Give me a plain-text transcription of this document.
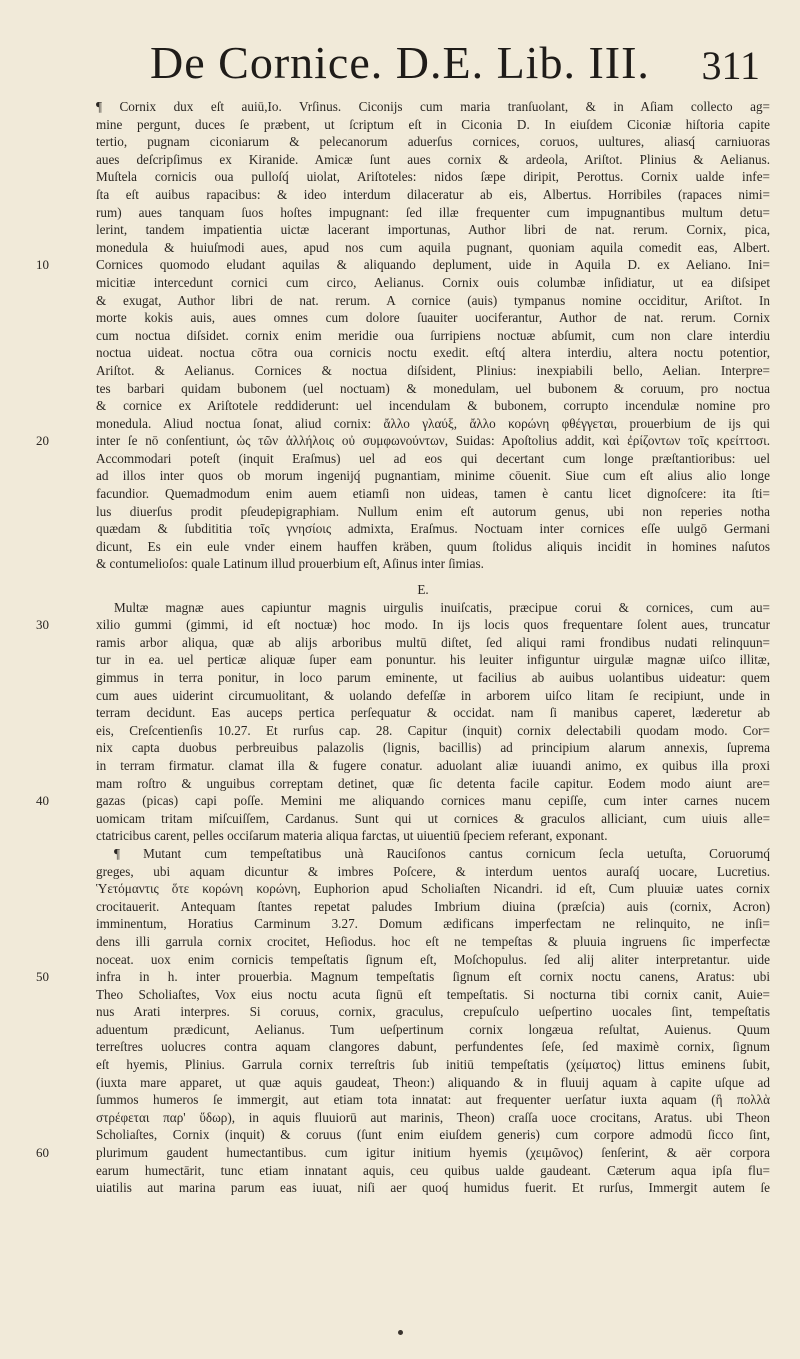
De Cornice. D.E. Lib. III. 311
¶ Cornix dux eſt auiū,Io. Vrſinus. Ciconijs cum maria tranſuolant, & in Aſiam collecto ag=
mine pergunt, duces ſe præbent, ut ſcriptum eſt in Ciconia D. In eiuſdem Ciconiæ hiſtoria capite
tertio, pugnam ciconiarum & pelecanorum aduerſus cornices, coruos, uultures, aliasq́ carniuoras
aues deſcripſimus ex Kiranide. Amicæ ſunt aues cornix & ardeola, Ariſtot. Plinius & Aelianus.
Muſtela cornicis oua pulloſq́ uiolat, Ariſtoteles: nidos ſæpe diripit, Perottus. Cornix ualde infe=
ſta eſt auibus rapacibus: & ideo interdum dilaceratur ab eis, Albertus. Horribiles (rapaces nimi=
rum) aues tanquam ſuos hoſtes impugnant: ſed illæ frequenter cum impugnantibus multum detu=
lerint, tandem impatientia uictæ lacerant importunas, Author libri de nat. rerum. Cornix, pica,
monedula & huiuſmodi aues, apud nos cum aquila pugnant, quoniam aquila comedit eas, Albert.
10	Cornices quomodo eludant aquilas & aliquando deplument, uide in Aquila D. ex Aeliano. Ini=
micitiæ intercedunt cornici cum circo, Aelianus. Cornix ouis columbæ inſidiatur, ut ea diſsipet
& exugat, Author libri de nat. rerum. A cornice (auis) tympanus nomine occiditur, Ariſtot. In
morte kokis auis, aues omnes cum dolore ſuauiter uociferantur, Author de nat. rerum. Cornix
cum noctua diſsidet. cornix enim meridie oua ſurripiens noctuæ abſumit, cum non clare interdiu
noctua uideat. noctua cōtra oua cornicis noctu exedit. eſtq́ altera interdiu, altera noctu potentior,
Ariſtot. & Aelianus. Cornices & noctua diſsident, Plinius: inexpiabili bello, Aelian. Interpre=
tes barbari quidam bubonem (uel noctuam) & monedulam, uel bubonem & coruum, pro noctua
& cornice ex Ariſtotele reddiderunt: uel incendulam & bubonem, corrupto incendulæ nomine pro
monedula. Aliud noctua ſonat, aliud cornix: ἄλλο γλαύξ, ἄλλο κορώνη φθέγγεται, prouerbium de ijs qui
20	inter ſe nō conſentiunt, ὡς τῶν ἀλλήλοις οὐ συμφωνούντων, Suidas: Apoſtolius addit, καὶ ἐρίζοντων τοῖς κρείττοσι.
Accommodari poteſt (inquit Eraſmus) uel ad eos qui decertant cum longe præſtantioribus: uel
ad illos inter quos ob morum ingenijq́ pugnantiam, minime cōuenit. Siue cum eſt alius alio longe
facundior. Quemadmodum enim auem etiamſi non uideas, tamen è cantu licet dignoſcere: ita ſti=
lus diuerſus prodit pſeudepigraphiam. Nullum enim eſt autorum genus, ubi non reperies notha
quædam & ſubdititia τοῖς γνησίοις admixta, Eraſmus. Noctuam inter cornices eſſe uulgō Germani
dicunt, Es ein eule vnder einem hauffen kräben, quum ſtolidus aliquis incidit in homines naſutos
& contumelioſos: quale Latinum illud prouerbium eſt, Aſinus inter ſimias.
E.
Multæ magnæ aues capiuntur magnis uirgulis inuiſcatis, præcipue corui & cornices, cum au=
30	xilio gummi (gimmi, id eſt noctuæ) hoc modo. In ijs locis quos frequentare ſolent aues, truncatur
ramis arbor aliqua, quæ ab alijs arboribus multū diſtet, ſed aliqui rami frondibus nudati relinquun=
tur in ea. uel perticæ aliquæ ſuper eam ponuntur. his leuiter infiguntur uirgulæ magnæ uiſco illitæ,
gimmus in terra ponitur, in loco parum eminente, ut facilius ab auibus uolantibus uideatur: quem
cum aues uiderint circumuolitant, & uolando defeſſæ in arborem uiſco litam ſe recipiunt, unde in
terram decidunt. Eas auceps pertica perſequatur & occidat. nam ſi manibus caperet, læderetur ab
eis, Creſcentienſis 10.27. Et rurſus cap. 28. Capitur (inquit) cornix delectabili quodam modo. Cor=
nix capta duobus perbreuibus palazolis (lignis, bacillis) ad principium alarum annexis, ſuprema
in terram firmatur. clamat illa & fugere conatur. aduolant aliæ iuuandi animo, ex quibus illa proxi
mam roſtro & unguibus correptam detinet, quæ ſic detenta facile capitur. Eodem modo aiunt are=
40	gazas (picas) capi poſſe. Memini me aliquando cornices manu cepiſſe, cum inter carnes nucem
uomicam tritam miſcuiſſem, Cardanus. Sunt qui ut cornices & graculos alliciant, cum uiuis alle=
ctatricibus carent, pelles occiſarum materia aliqua farctas, ut uiuentiū ſpeciem referant, exponant.
¶ Mutant cum tempeſtatibus unà Rauciſonos cantus cornicum ſecla uetuſta, Coruorumq́
greges, ubi aquam dicuntur & imbres Poſcere, & interdum uentos auraſq́ uocare, Lucretius.
Ὑετόμαντις ὅτε κορώνη κορώνη, Euphorion apud Scholiaſten Nicandri. id eſt, Cum pluuiæ uates cornix
crocitauerit. Antequam ſtantes repetat paludes Imbrium diuina (præſcia) auis (cornix, Acron)
imminentum, Horatius Carminum 3.27. Domum ædificans imperfectam ne relinquito, ne inſi=
dens illi garrula cornix crocitet, Heſiodus. hoc eſt ne tempeſtas & pluuia ingruens ſic imperfectæ
noceat. uox enim cornicis tempeſtatis ſignum eſt, Moſchopulus. ſed alij aliter interpretantur. uide
50	infra in h. inter prouerbia. Magnum tempeſtatis ſignum eſt cornix noctu canens, Aratus: ubi
Theo Scholiaſtes, Vox eius noctu acuta ſignū eſt tempeſtatis. Si nocturna tibi cornix canit, Auie=
nus Arati interpres. Si coruus, cornix, graculus, crepuſculo ueſpertino uocales ſint, tempeſtatis
aduentum prædicunt, Aelianus. Tum ueſpertinum cornix longæua reſultat, Auienus. Quum
terreſtres uolucres contra aquam clangores dabunt, perfundentes ſeſe, ſed maximè cornix, ſignum
eſt hyemis, Plinius. Garrula cornix terreſtris ſub initiū tempeſtatis (χείματος) littus eminens ſubit,
(iuxta mare apparet, ut quæ aquis gaudeat, Theon:) aliquando & in fluuij aquam à capite uſque ad
ſummos humeros ſe immergit, aut etiam tota innatat: aut frequenter uerſatur iuxta aquam (ἢ πολλὰ
στρέφεται παρ' ὕδωρ), in aquis fluuiorū aut marinis, Theon) craſſa uoce crocitans, Aratus. ubi Theon
Scholiaſtes, Cornix (inquit) & coruus (ſunt enim eiuſdem generis) cum corpore admodū ſicco ſint,
60	plurimum gaudent humectantibus. cum igitur initium hyemis (χειμῶνος) ſenſerint, & aër corpora
earum humectārit, tunc etiam innatant aquis, ceu quibus ualde gaudeant. Cæterum aqua ipſa flu=
uiatilis aut marina parum eas iuuat, niſi aer quoq́ humidus fuerit. Et rurſus, Immergit autem ſe
